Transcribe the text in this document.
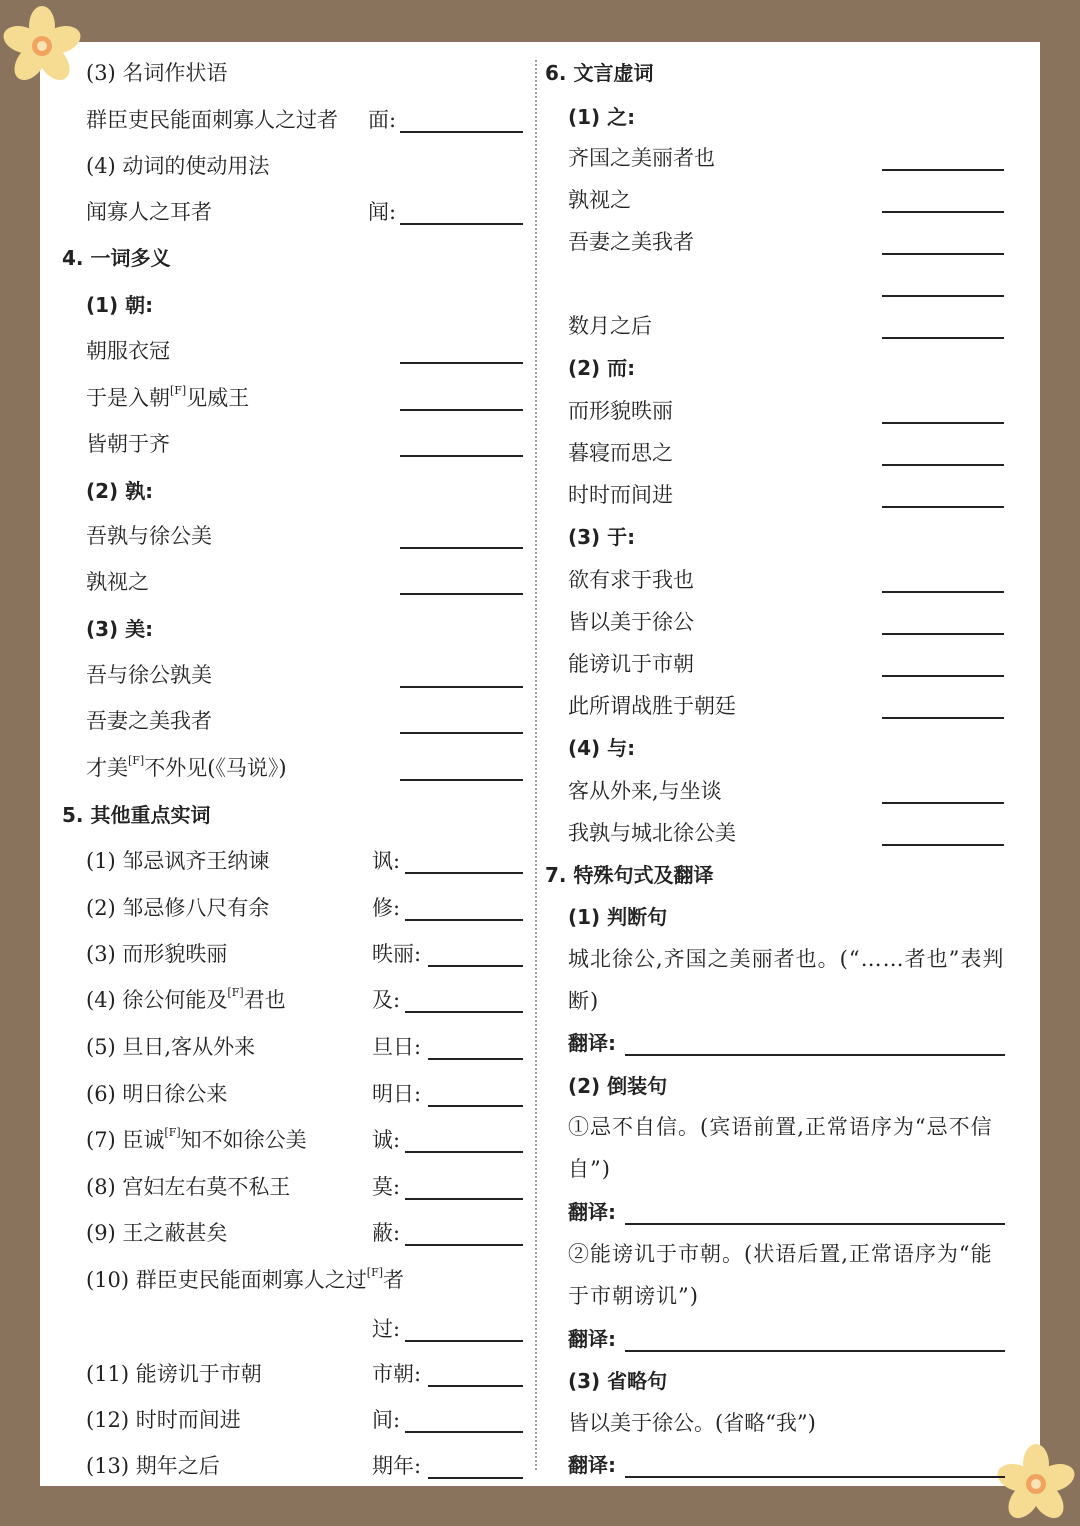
(3) 名词作状语
群臣吏民能面刺寡人之过者 面:
(4) 动词的使动用法
闻寡人之耳者	闻:
4. 一词多义
(1) 朝:
朝服衣冠
于是入朝[F]见威王
皆朝于齐
(2) 孰:
吾孰与徐公美
孰视之
(3) 美:
吾与徐公孰美
吾妻之美我者
才美[F]不外见(《马说》)
5. 其他重点实词
(1) 邹忌讽齐王纳谏	讽:
(2) 邹忌修八尺有余	修:
(3) 而形貌昳丽	昳丽:
(4) 徐公何能及[F]君也	及:
(5) 旦日,客从外来	旦日:
(6) 明日徐公来	明日:
(7) 臣诚[F]知不如徐公美	诚:
(8) 宫妇左右莫不私王	莫:
(9) 王之蔽甚矣	蔽:
(10) 群臣吏民能面刺寡人之过[F]者
过:
(11) 能谤讥于市朝	市朝:
(12) 时时而间进	间:
(13) 期年之后	期年:
6. 文言虚词
(1) 之:
齐国之美丽者也
孰视之
吾妻之美我者
数月之后
(2) 而:
而形貌昳丽
暮寝而思之
时时而间进
(3) 于:
欲有求于我也
皆以美于徐公
能谤讥于市朝
此所谓战胜于朝廷
(4) 与:
客从外来,与坐谈
我孰与城北徐公美
7. 特殊句式及翻译
(1) 判断句
城北徐公,齐国之美丽者也。(“……者也”表判断)
翻译:
(2) 倒装句
①忌不自信。(宾语前置,正常语序为“忌不信自”)
翻译:
②能谤讥于市朝。(状语后置,正常语序为“能于市朝谤讥”)
翻译:
(3) 省略句
皆以美于徐公。(省略“我”)
翻译:
